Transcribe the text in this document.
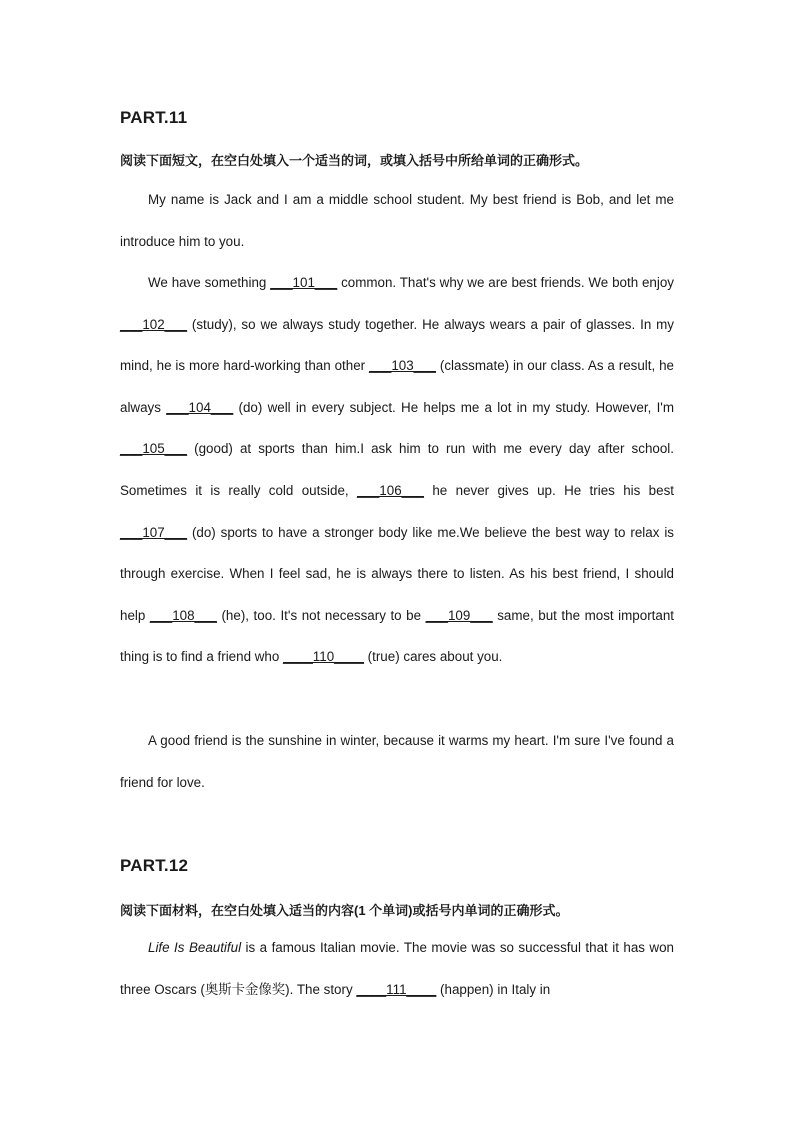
PART.11
阅读下面短文，在空白处填入一个适当的词，或填入括号中所给单词的正确形式。

My name is Jack and I am a middle school student. My best friend is Bob, and let me introduce him to you.

We have something ___101___ common. That's why we are best friends. We both enjoy ___102___ (study), so we always study together. He always wears a pair of glasses. In my mind, he is more hard-working than other ___103___ (classmate) in our class. As a result, he always ___104___ (do) well in every subject. He helps me a lot in my study. However, I'm ___105___ (good) at sports than him.I ask him to run with me every day after school. Sometimes it is really cold outside, ___106___ he never gives up. He tries his best ___107___ (do) sports to have a stronger body like me.We believe the best way to relax is through exercise. When I feel sad, he is always there to listen. As his best friend, I should help ___108___ (he), too. It's not necessary to be ___109___ same, but the most important thing is to find a friend who ____110____ (true) cares about you.

A good friend is the sunshine in winter, because it warms my heart. I'm sure I've found a friend for love.

PART.12
阅读下面材料，在空白处填入适当的内容(1 个单词)或括号内单词的正确形式。

Life Is Beautiful is a famous Italian movie. The movie was so successful that it has won three Oscars (奥斯卡金像奖). The story ____111____ (happen) in Italy in
